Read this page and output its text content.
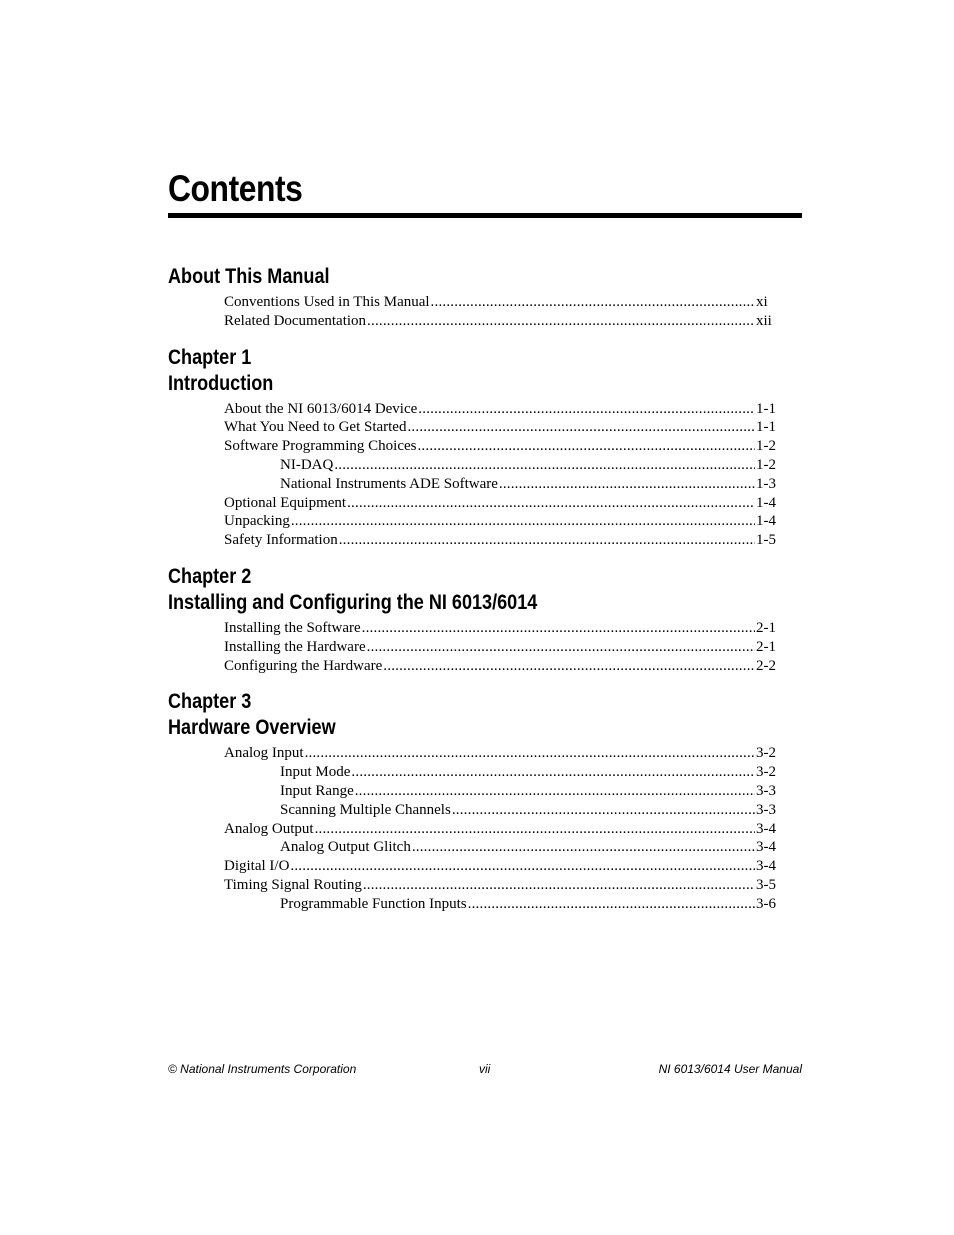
Contents
About This Manual
Conventions Used in This Manual .....	xi
Related Documentation .....	xii
Chapter 1
Introduction
About the NI 6013/6014 Device .....	1-1
What You Need to Get Started .....	1-1
Software Programming Choices .....	1-2
NI-DAQ .....	1-2
National Instruments ADE Software .....	1-3
Optional Equipment .....	1-4
Unpacking .....	1-4
Safety Information .....	1-5
Chapter 2
Installing and Configuring the NI 6013/6014
Installing the Software .....	2-1
Installing the Hardware .....	2-1
Configuring the Hardware .....	2-2
Chapter 3
Hardware Overview
Analog Input .....	3-2
Input Mode .....	3-2
Input Range .....	3-3
Scanning Multiple Channels .....	3-3
Analog Output .....	3-4
Analog Output Glitch .....	3-4
Digital I/O .....	3-4
Timing Signal Routing .....	3-5
Programmable Function Inputs .....	3-6
© National Instruments Corporation	vii	NI 6013/6014 User Manual
